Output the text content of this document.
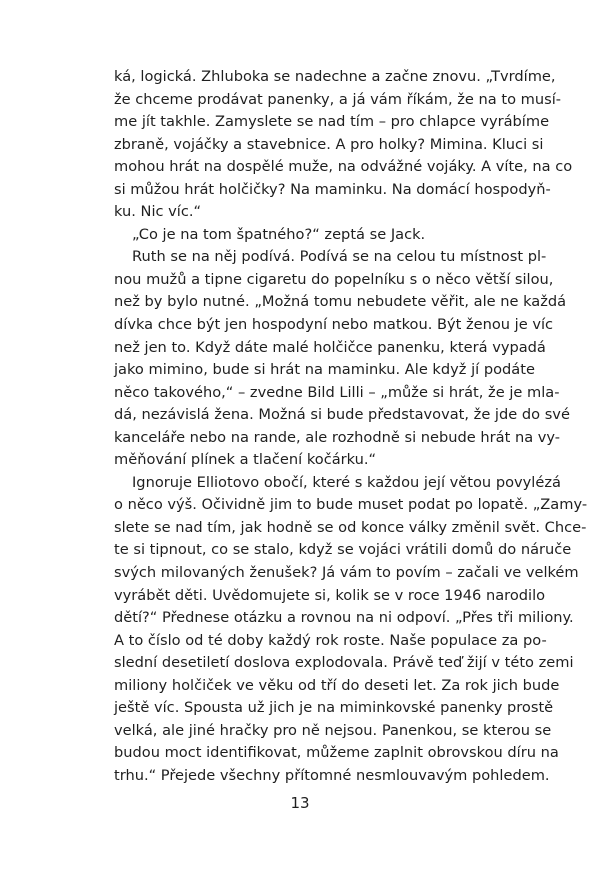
ká, logická. Zhluboka se nadechne a začne znovu. „Tvrdíme,
že chceme prodávat panenky, a já vám říkám, že na to musí-
me jít takhle. Zamyslete se nad tím – pro chlapce vyrábíme
zbraně, vojáčky a stavebnice. A pro holky? Mimina. Kluci si
mohou hrát na dospělé muže, na odvážné vojáky. A víte, na co
si můžou hrát holčičky? Na maminku. Na domácí hospodyň-
ku. Nic víc.“
„Co je na tom špatného?“ zeptá se Jack.
Ruth se na něj podívá. Podívá se na celou tu místnost pl-
nou mužů a tipne cigaretu do popelníku s o něco větší silou,
než by bylo nutné. „Možná tomu nebudete věřit, ale ne každá
dívka chce být jen hospodyní nebo matkou. Být ženou je víc
než jen to. Když dáte malé holčičce panenku, která vypadá
jako mimino, bude si hrát na maminku. Ale když jí podáte
něco takového,“ – zvedne Bild Lilli – „může si hrát, že je mla-
dá, nezávislá žena. Možná si bude představovat, že jde do své
kanceláře nebo na rande, ale rozhodně si nebude hrát na vy-
měňování plínek a tlačení kočárku.“
Ignoruje Elliotovo obočí, které s každou její větou povylézá
o něco výš. Očividně jim to bude muset podat po lopatě. „Zamy-
slete se nad tím, jak hodně se od konce války změnil svět. Chce-
te si tipnout, co se stalo, když se vojáci vrátili domů do náruče
svých milovaných ženušek? Já vám to povím – začali ve velkém
vyrábět děti. Uvědomujete si, kolik se v roce 1946 narodilo
dětí?“ Přednese otázku a rovnou na ni odpoví. „Přes tři miliony.
A to číslo od té doby každý rok roste. Naše populace za po-
slední desetiletí doslova explodovala. Právě teď žijí v této zemi
miliony holčiček ve věku od tří do deseti let. Za rok jich bude
ještě víc. Spousta už jich je na miminkovské panenky prostě
velká, ale jiné hračky pro ně nejsou. Panenkou, se kterou se
budou moct identifikovat, můžeme zaplnit obrovskou díru na
trhu.“ Přejede všechny přítomné nesmlouvavým pohledem.
13
